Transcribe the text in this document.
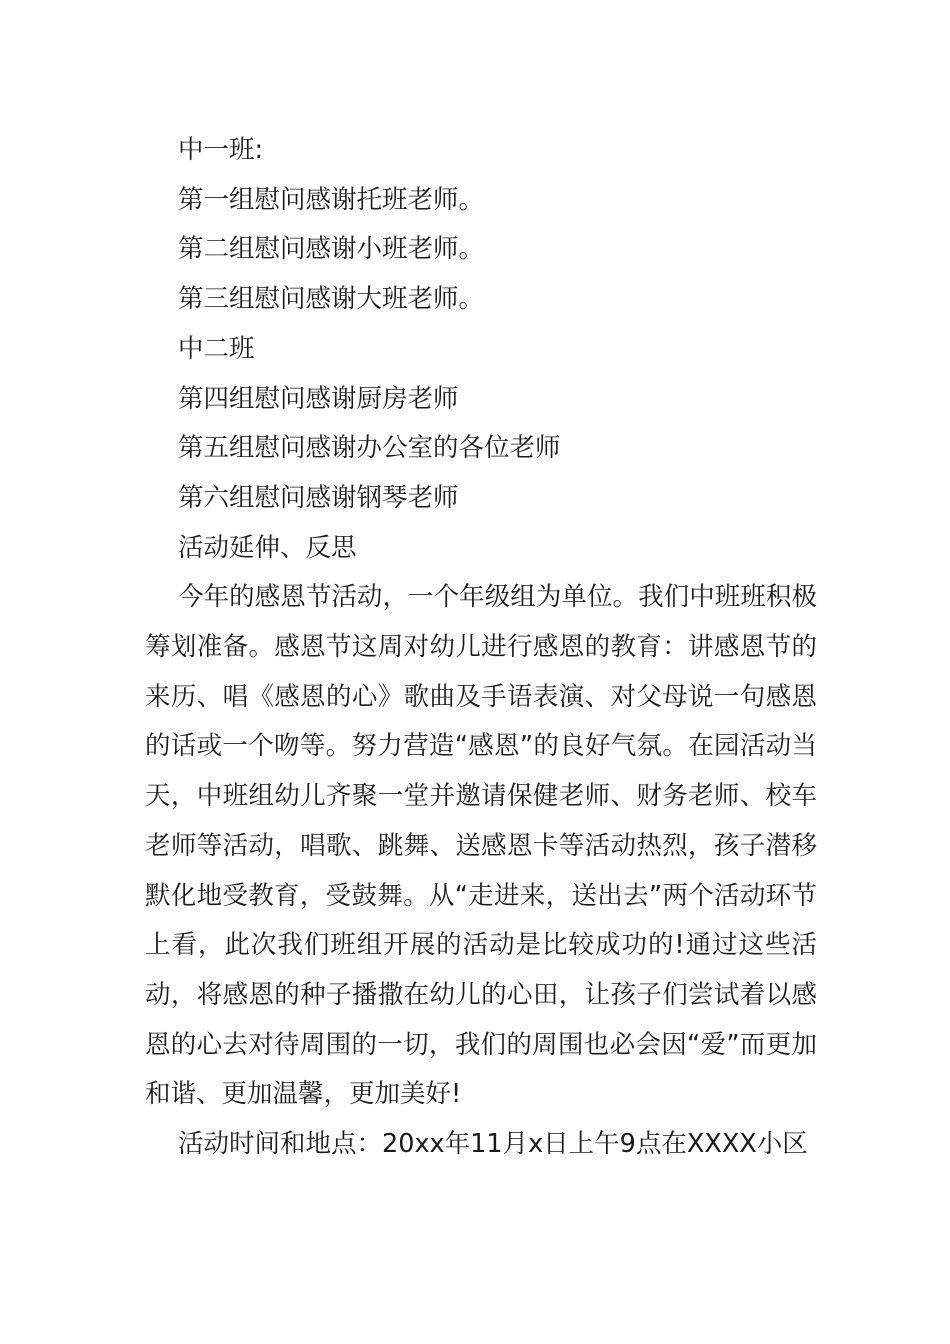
中一班:
第一组慰问感谢托班老师。
第二组慰问感谢小班老师。
第三组慰问感谢大班老师。
中二班
第四组慰问感谢厨房老师
第五组慰问感谢办公室的各位老师
第六组慰问感谢钢琴老师
活动延伸、反思

今年的感恩节活动，一个年级组为单位。我们中班班积极筹划准备。感恩节这周对幼儿进行感恩的教育：讲感恩节的来历、唱《感恩的心》歌曲及手语表演、对父母说一句感恩的话或一个吻等。努力营造“感恩”的良好气氛。在园活动当天，中班组幼儿齐聚一堂并邀请保健老师、财务老师、校车老师等活动，唱歌、跳舞、送感恩卡等活动热烈，孩子潜移默化地受教育，受鼓舞。从“走进来，送出去”两个活动环节上看，此次我们班组开展的活动是比较成功的!通过这些活动，将感恩的种子播撒在幼儿的心田，让孩子们尝试着以感恩的心去对待周围的一切，我们的周围也必会因“爱”而更加和谐、更加温馨，更加美好!

活动时间和地点：20xx年11月x日上午9点在XXXX小区
